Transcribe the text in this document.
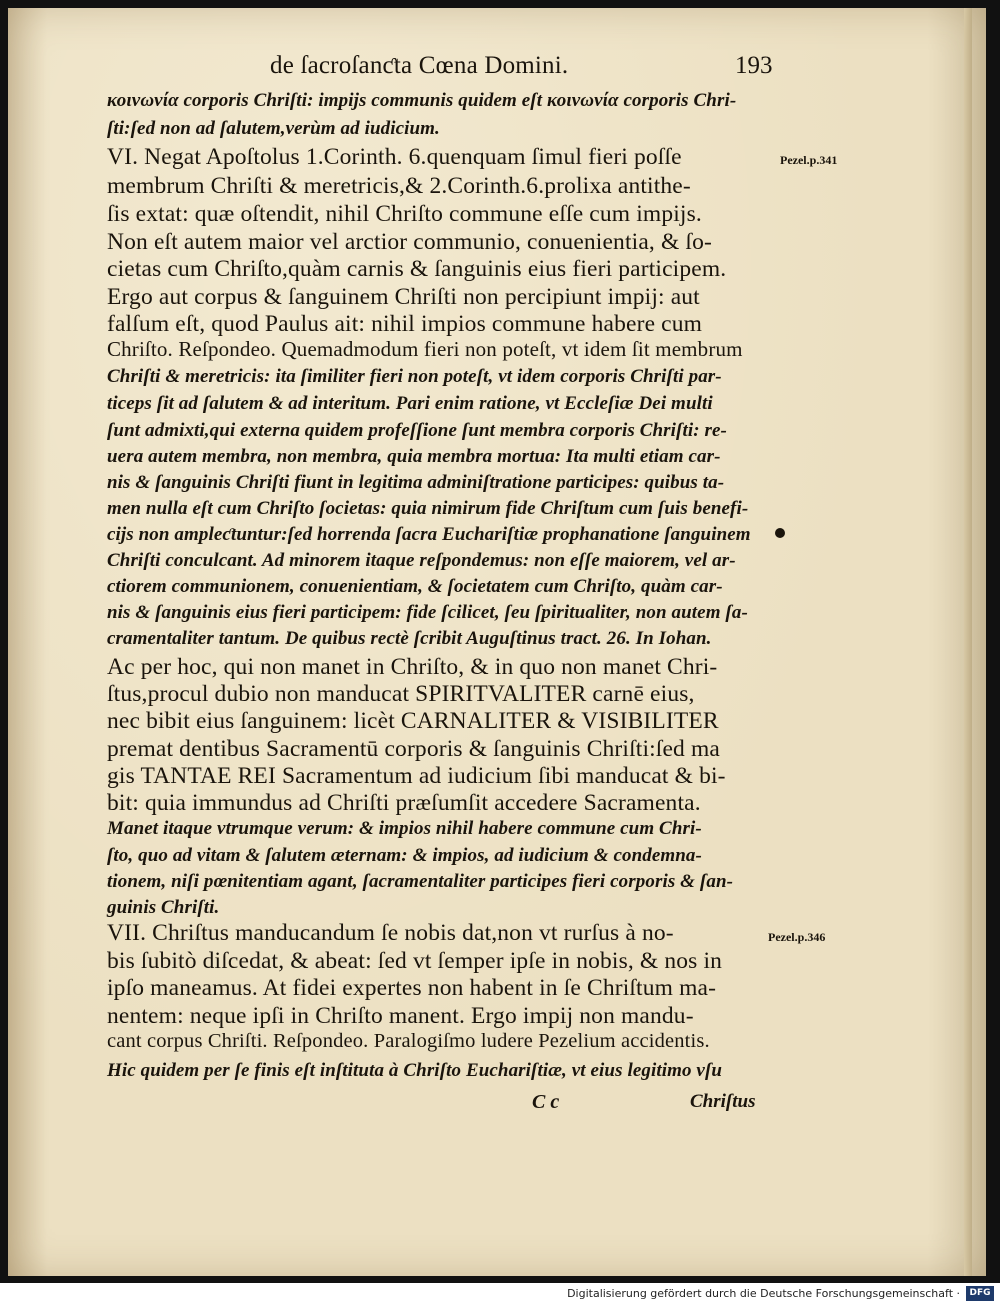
de ſacroſanƈta Cœna Domini.	193
κοινωνία corporis Chriſti: impijs communis quidem eſt κοινωνία corporis Chri-
ſti:ſed non ad ſalutem,verùm ad iudicium.
VI. Negat Apoſtolus 1.Corinth. 6.quenquam ſimul fieri poſſe
membrum Chriſti & meretricis,& 2.Corinth.6.prolixa antithe-
ſis extat: quæ oſtendit, nihil Chriſto commune eſſe cum impijs.
Non eſt autem maior vel arctior communio, conuenientia, & ſo-
cietas cum Chriſto,quàm carnis & ſanguinis eius fieri participem.
Ergo aut corpus & ſanguinem Chriſti non percipiunt impij: aut
falſum eſt, quod Paulus ait: nihil impios commune habere cum
Chriſto. Reſpondeo. Quemadmodum fieri non poteſt, vt idem ſit membrum
Chriſti & meretricis: ita ſimiliter fieri non poteſt, vt idem corporis Chriſti par-
ticeps ſit ad ſalutem & ad interitum. Pari enim ratione, vt Eccleſiæ Dei multi
ſunt admixti,qui externa quidem profeſſione ſunt membra corporis Chriſti: re-
uera autem membra, non membra, quia membra mortua: Ita multi etiam car-
nis & ſanguinis Chriſti fiunt in legitima adminiſtratione participes: quibus ta-
men nulla eſt cum Chriſto ſocietas: quia nimirum fide Chriſtum cum ſuis benefi-
cijs non ampleƈtuntur:ſed horrenda ſacra Euchariſtiæ prophanatione ſanguinem
Chriſti conculcant. Ad minorem itaque reſpondemus: non eſſe maiorem, vel ar-
ctiorem communionem, conuenientiam, & ſocietatem cum Chriſto, quàm car-
nis & ſanguinis eius fieri participem: fide ſcilicet, ſeu ſpiritualiter, non autem ſa-
cramentaliter tantum. De quibus rectè ſcribit Auguſtinus tract. 26. In Iohan.
Ac per hoc, qui non manet in Chriſto, & in quo non manet Chri-
ſtus,procul dubio non manducat SPIRITVALITER carnē eius,
nec bibit eius ſanguinem: licèt CARNALITER & VISIBILITER
premat dentibus Sacramentū corporis & ſanguinis Chriſti:ſed ma
gis TANTAE REI Sacramentum ad iudicium ſibi manducat & bi-
bit: quia immundus ad Chriſti præſumſit accedere Sacramenta.
Manet itaque vtrumque verum: & impios nihil habere commune cum Chri-
ſto, quo ad vitam & ſalutem æternam: & impios, ad iudicium & condemna-
tionem, niſi pœnitentiam agant, ſacramentaliter participes fieri corporis & ſan-
guinis Chriſti.
VII. Chriſtus manducandum ſe nobis dat,non vt rurſus à no-
bis ſubitò diſcedat, & abeat: ſed vt ſemper ipſe in nobis, & nos in
ipſo maneamus. At fidei expertes non habent in ſe Chriſtum ma-
nentem: neque ipſi in Chriſto manent. Ergo impij non mandu-
cant corpus Chriſti. Reſpondeo. Paralogiſmo ludere Pezelium accidentis.
Hic quidem per ſe finis eſt inſtituta à Chriſto Euchariſtiæ, vt eius legitimo vſu
Pezel.p.341
Pezel.p.346
C c	Chriſtus
Digitalisierung gefördert durch die Deutsche Forschungsgemeinschaft ·	DFG
